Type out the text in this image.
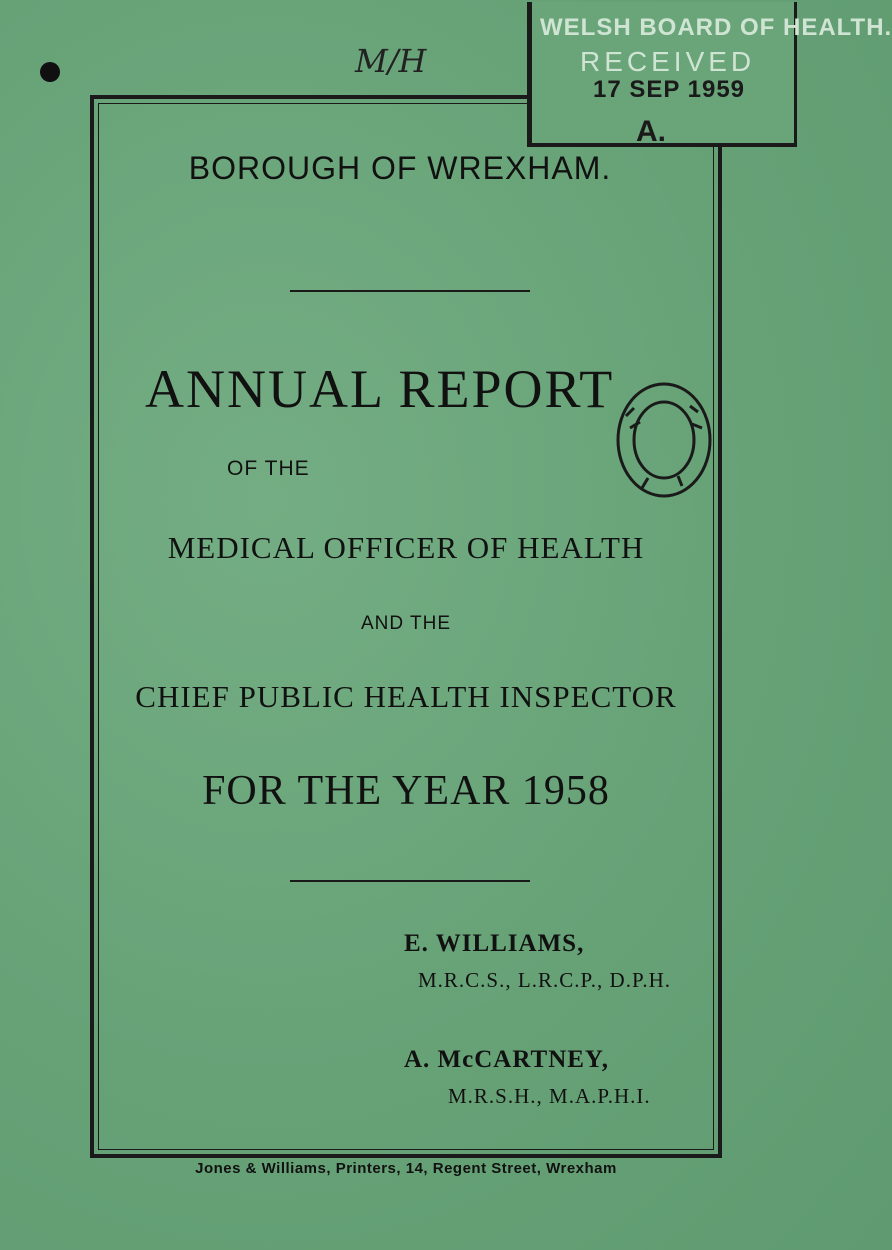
M/H
WELSH BOARD OF HEALTH.
RECEIVED
17 SEP 1959
A.
BOROUGH OF WREXHAM.
ANNUAL REPORT
OF THE
MEDICAL OFFICER OF HEALTH
AND THE
CHIEF PUBLIC HEALTH INSPECTOR
FOR THE YEAR 1958
E. WILLIAMS,
M.R.C.S., L.R.C.P., D.P.H.
A. McCARTNEY,
M.R.S.H., M.A.P.H.I.
Jones & Williams, Printers, 14, Regent Street, Wrexham
